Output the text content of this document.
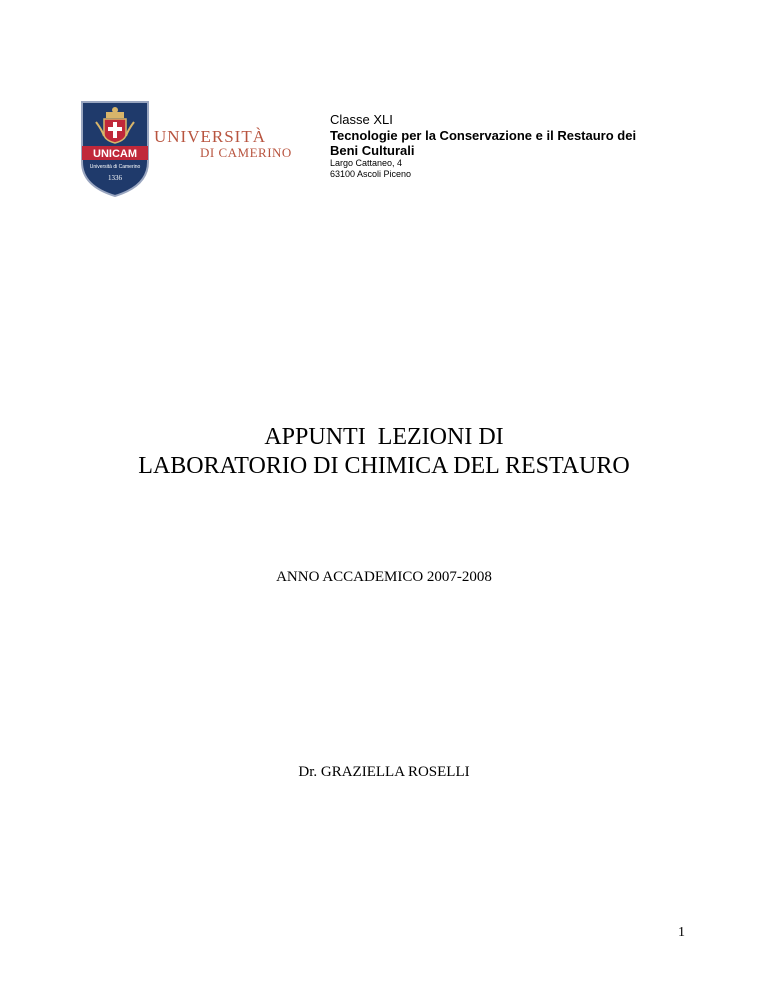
UNICAM
Università di Camerino
1336
UNIVERSITÀ
DI CAMERINO
Classe XLI
Tecnologie per la Conservazione e il Restauro dei
Beni Culturali
Largo Cattaneo, 4
63100 Ascoli Piceno
APPUNTI  LEZIONI DI
LABORATORIO DI CHIMICA DEL RESTAURO
ANNO ACCADEMICO 2007-2008
Dr. GRAZIELLA ROSELLI
1
